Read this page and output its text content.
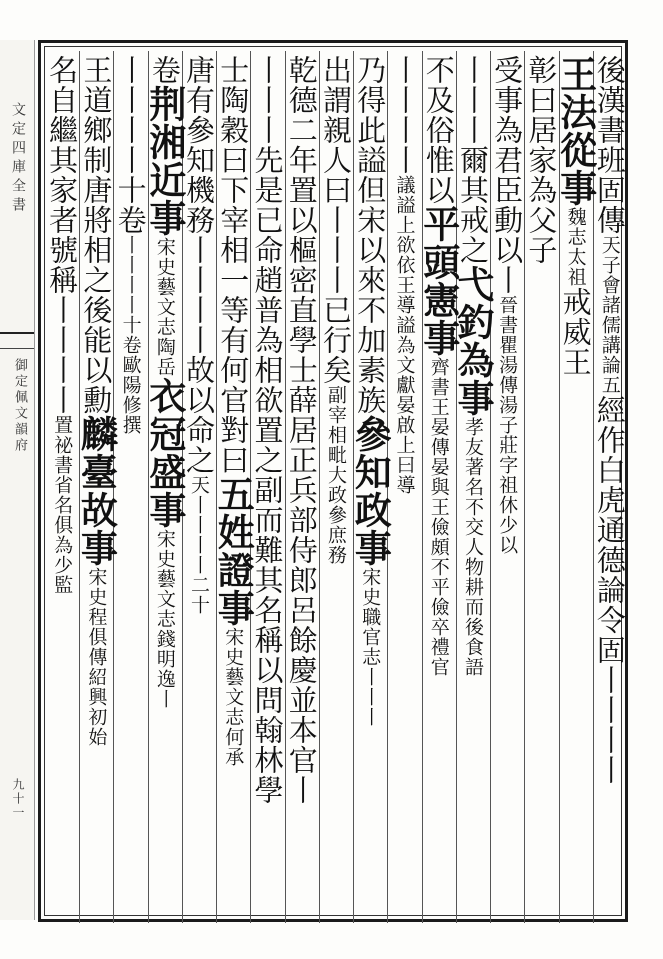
文定四庫全書
御定佩文韻府
九十一
後漢書班固傳天子會諸儒講論五經作白虎通德論令固丨丨丨丨
王法從事魏志太祖戒威王
彰曰居家為父子
受事為君臣動以丨晉書瞿湯傳湯子莊字祖休少以
丨丨丨爾其戒之弋釣為事孝友著名不交人物耕而後食語
不及俗惟以平頭憲事齊書王晏傳晏與王儉頗不平儉卒禮官
丨丨丨丨議謚上欲依王導謚為文獻晏啟上曰導
乃得此謚但宋以來不加素族參知政事宋史職官志丨丨丨
出謂親人曰丨丨丨已行矣副宰相毗大政參庶務
乾德二年置以樞密直學士薛居正兵部侍郎呂餘慶並本官丨
丨丨丨先是已命趙普為相欲置之副而難其名稱以問翰林學
士陶穀曰下宰相一等有何官對曰五姓證事宋史藝文志何承
唐有參知機務丨丨丨丨故以命之天丨丨丨丨二十
卷荆湘近事宋史藝文志陶岳衣冠盛事宋史藝文志錢明逸丨
丨丨丨丨十卷丨丨丨丨十卷歐陽修撰
王道鄉制唐將相之後能以勳麟臺故事宋史程俱傳紹興初始
名自繼其家者號稱丨丨丨丨置祕書省名俱為少監
